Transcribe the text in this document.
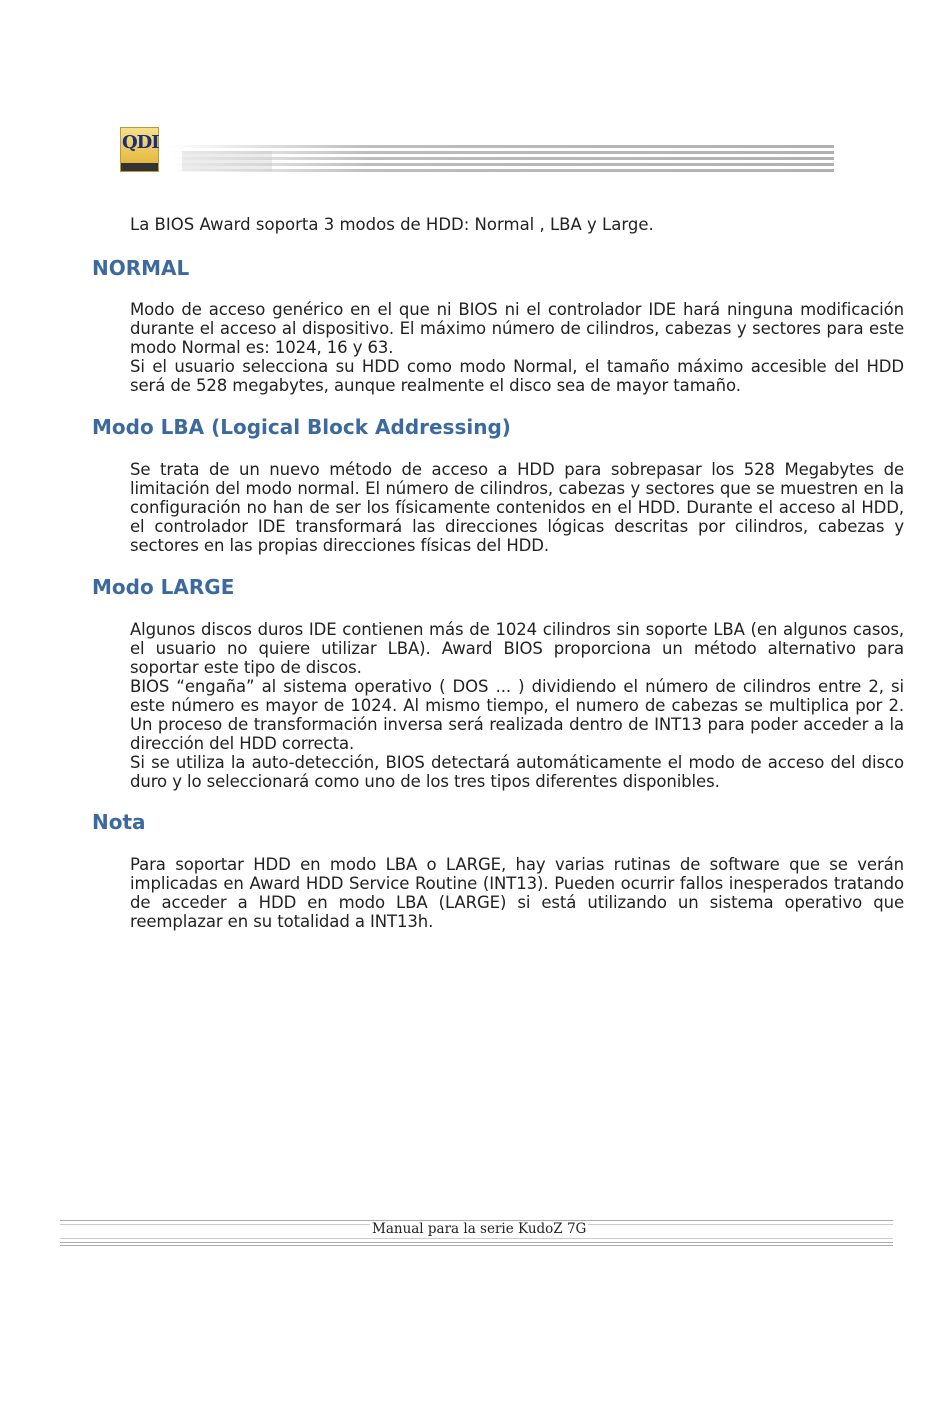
QDI
La BIOS Award soporta 3 modos de HDD: Normal , LBA y Large.
NORMAL
Modo de acceso genérico en el que ni BIOS ni el controlador IDE hará ninguna modificación durante el acceso al dispositivo. El máximo número de cilindros, cabezas y sectores para este modo Normal es: 1024, 16 y 63.
Si el usuario selecciona su HDD como modo Normal, el tamaño máximo accesible del HDD será de 528 megabytes, aunque realmente el disco sea de mayor tamaño.
Modo LBA (Logical Block Addressing)
Se trata de un nuevo método de acceso a HDD para sobrepasar los 528 Megabytes de limitación del modo normal. El número de cilindros, cabezas y sectores que se muestren en la configuración no han de ser los físicamente contenidos en el HDD. Durante el acceso al HDD, el controlador IDE transformará las direcciones lógicas descritas por cilindros, cabezas y sectores en las propias direcciones físicas del HDD.
Modo LARGE
Algunos discos duros IDE contienen más de 1024 cilindros sin soporte LBA (en algunos casos, el usuario no quiere utilizar LBA). Award BIOS proporciona un método alternativo para soportar este tipo de discos.
BIOS “engaña” al sistema operativo ( DOS ... ) dividiendo el número de cilindros entre 2, si este número es mayor de 1024. Al mismo tiempo, el numero de cabezas se multiplica por 2. Un proceso de transformación inversa será realizada dentro de INT13 para poder acceder a la dirección del HDD correcta.
Si se utiliza la auto-detección, BIOS detectará automáticamente el modo de acceso del disco duro y lo seleccionará como uno de los tres tipos diferentes disponibles.
Nota
Para soportar HDD en modo LBA o LARGE, hay varias rutinas de software que se verán implicadas en Award HDD Service Routine (INT13). Pueden ocurrir fallos inesperados tratando de acceder a HDD en modo LBA (LARGE) si está utilizando un sistema operativo que reemplazar en su totalidad a INT13h.
Manual para la serie KudoZ 7G
